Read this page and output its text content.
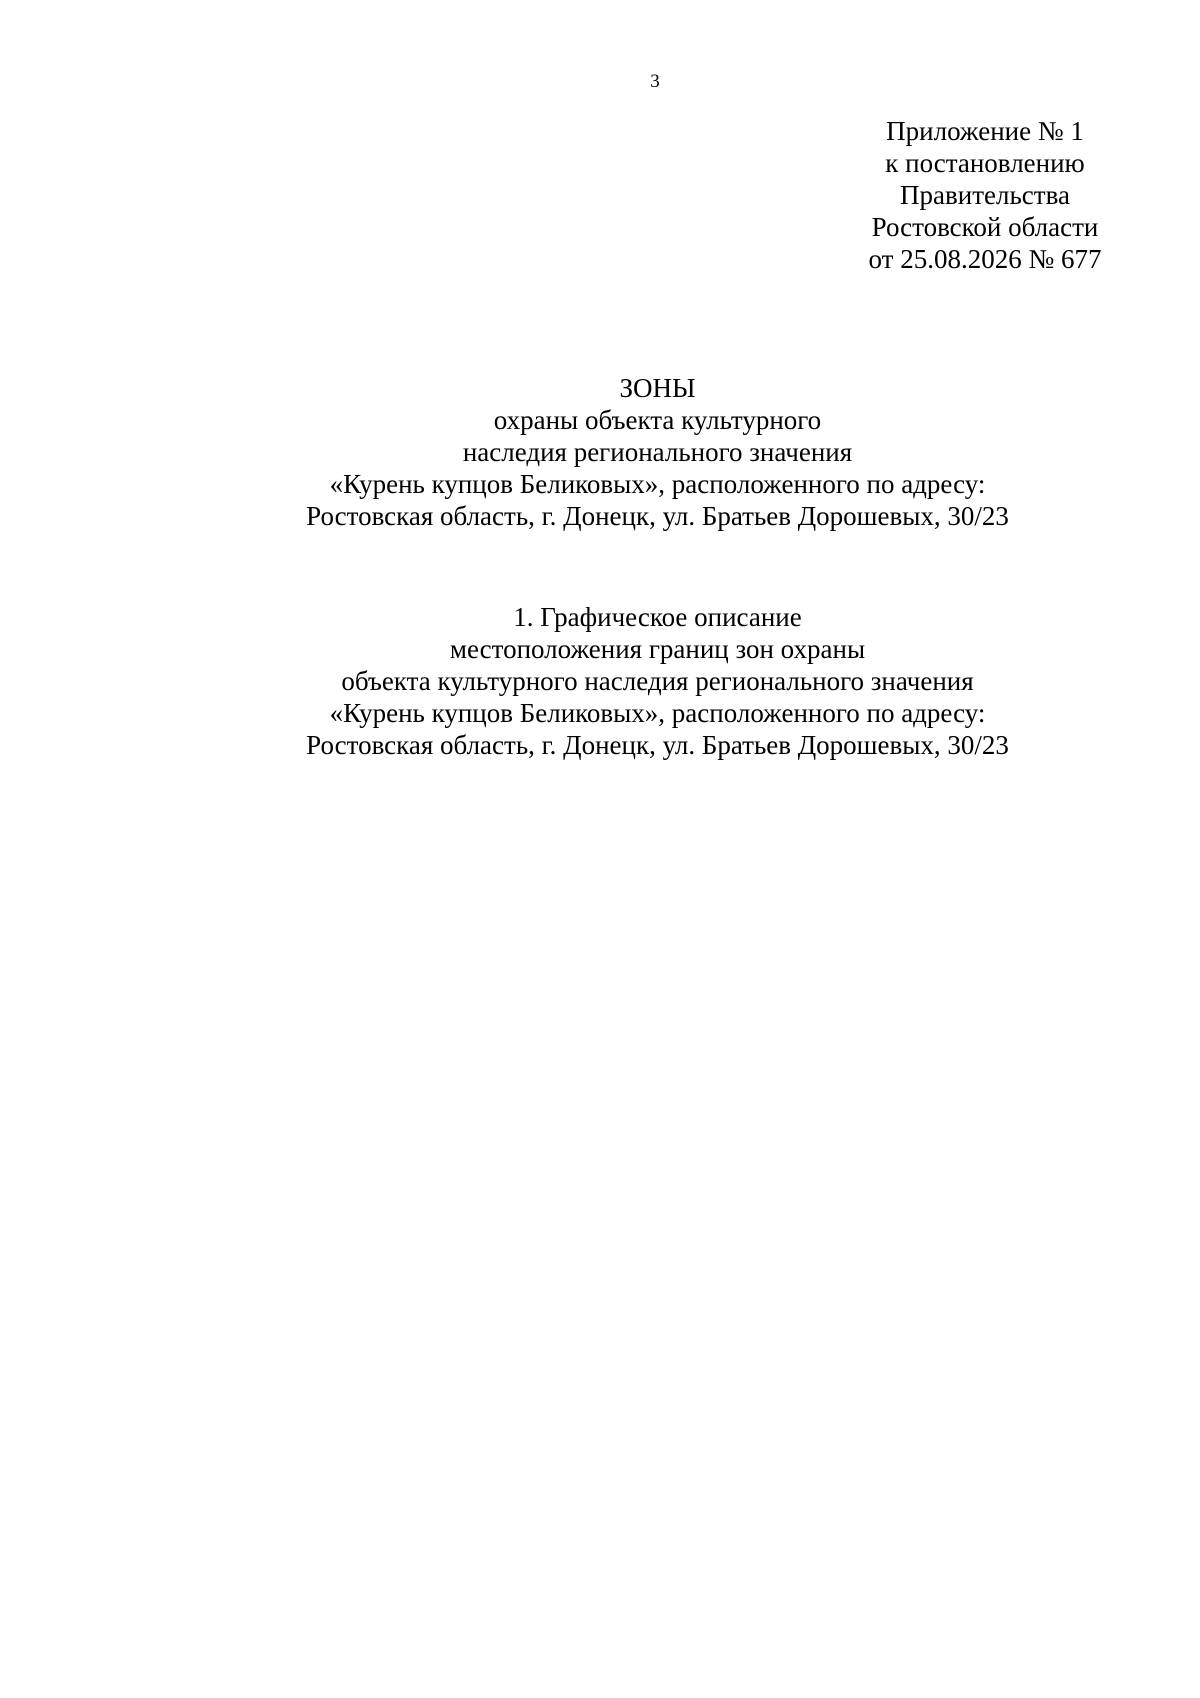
3
Приложение № 1
к постановлению
Правительства
Ростовской области
от 25.08.2026 № 677
ЗОНЫ
охраны объекта культурного
наследия регионального значения
«Курень купцов Беликовых», расположенного по адресу:
Ростовская область, г. Донецк, ул. Братьев Дорошевых, 30/23
1. Графическое описание
местоположения границ зон охраны
объекта культурного наследия регионального значения
«Курень купцов Беликовых», расположенного по адресу:
Ростовская область, г. Донецк, ул. Братьев Дорошевых, 30/23
